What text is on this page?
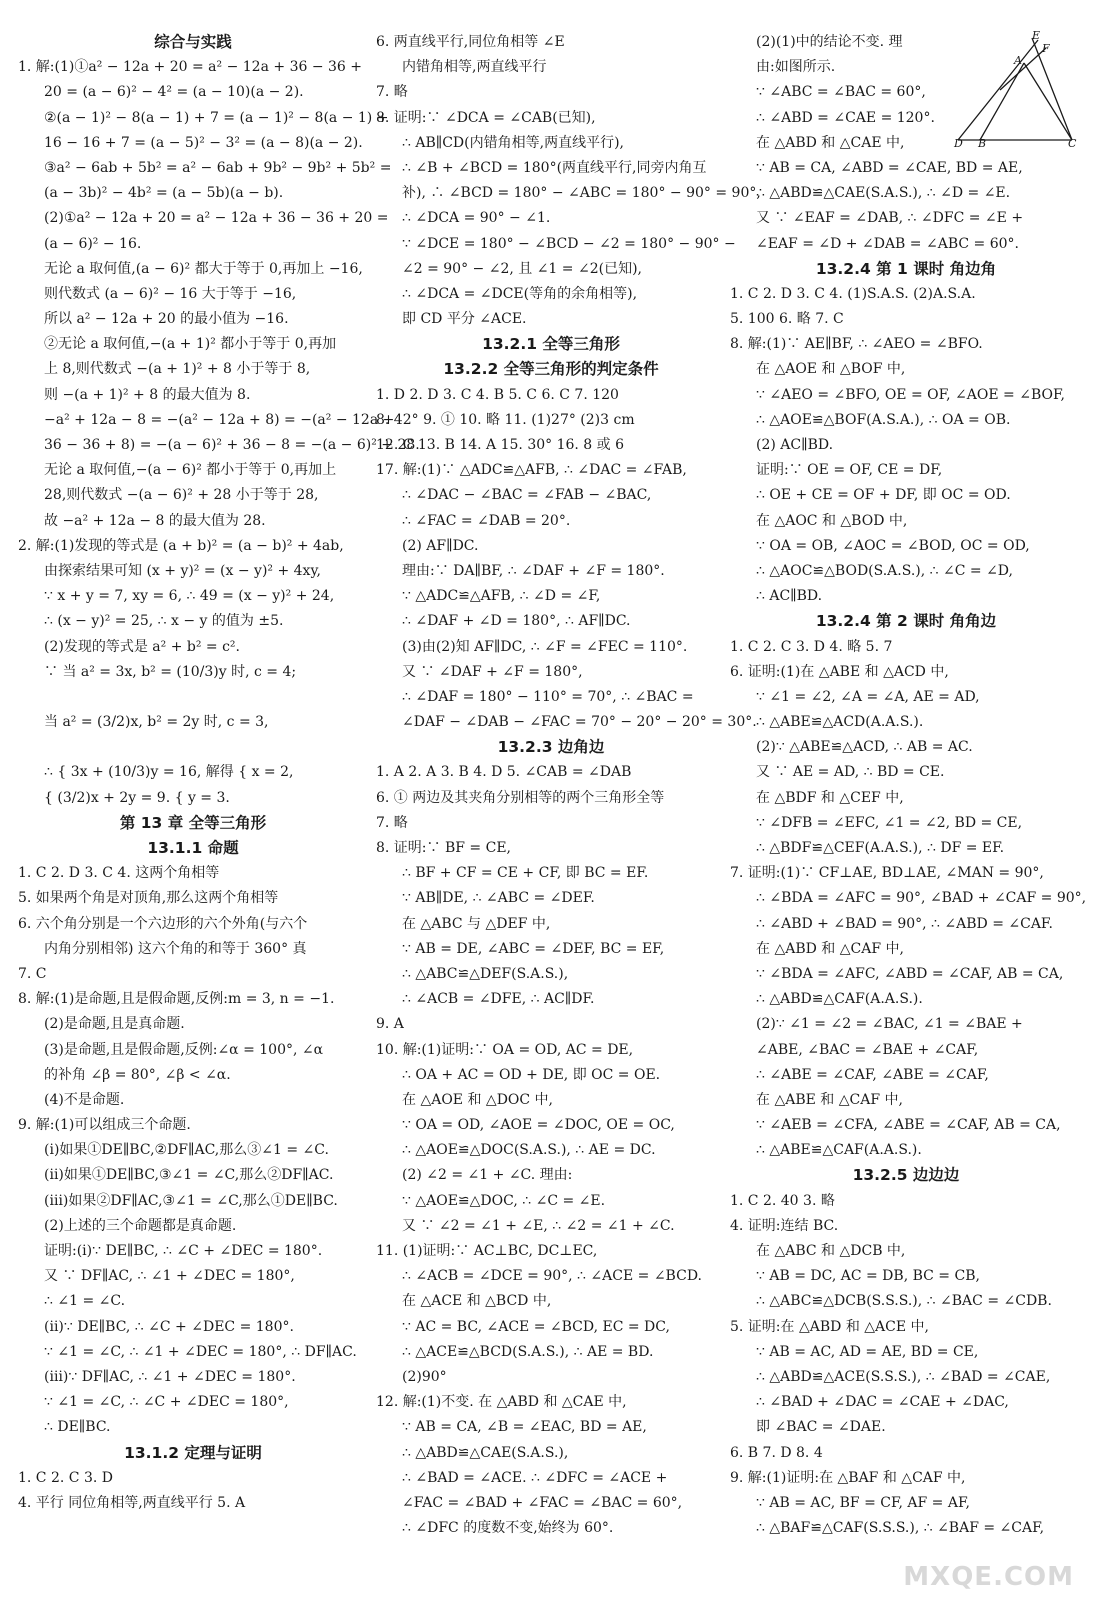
综合与实践
1. 解:(1)①a² − 12a + 20 = a² − 12a + 36 − 36 +
20 = (a − 6)² − 4² = (a − 10)(a − 2).
②(a − 1)² − 8(a − 1) + 7 = (a − 1)² − 8(a − 1) +
16 − 16 + 7 = (a − 5)² − 3² = (a − 8)(a − 2).
③a² − 6ab + 5b² = a² − 6ab + 9b² − 9b² + 5b² =
(a − 3b)² − 4b² = (a − 5b)(a − b).
(2)①a² − 12a + 20 = a² − 12a + 36 − 36 + 20 =
(a − 6)² − 16.
无论 a 取何值,(a − 6)² 都大于等于 0,再加上 −16,
则代数式 (a − 6)² − 16 大于等于 −16,
所以 a² − 12a + 20 的最小值为 −16.
②无论 a 取何值,−(a + 1)² 都小于等于 0,再加
上 8,则代数式 −(a + 1)² + 8 小于等于 8,
则 −(a + 1)² + 8 的最大值为 8.
−a² + 12a − 8 = −(a² − 12a + 8) = −(a² − 12a +
36 − 36 + 8) = −(a − 6)² + 36 − 8 = −(a − 6)² + 28.
无论 a 取何值,−(a − 6)² 都小于等于 0,再加上
28,则代数式 −(a − 6)² + 28 小于等于 28,
故 −a² + 12a − 8 的最大值为 28.
2. 解:(1)发现的等式是 (a + b)² = (a − b)² + 4ab,
由探索结果可知 (x + y)² = (x − y)² + 4xy,
∵ x + y = 7, xy = 6, ∴ 49 = (x − y)² + 24,
∴ (x − y)² = 25, ∴ x − y 的值为 ±5.
(2)发现的等式是 a² + b² = c².
∵ 当 a² = 3x, b² = (10/3)y 时, c = 4;
当 a² = (3/2)x, b² = 2y 时, c = 3,
∴ { 3x + (10/3)y = 16, 解得 { x = 2,
{ (3/2)x + 2y = 9. { y = 3.
第 13 章 全等三角形
13.1.1 命题
1. C 2. D 3. C 4. 这两个角相等
5. 如果两个角是对顶角,那么这两个角相等
6. 六个角分别是一个六边形的六个外角(与六个
内角分别相邻) 这六个角的和等于 360° 真
7. C
8. 解:(1)是命题,且是假命题,反例:m = 3, n = −1.
(2)是命题,且是真命题.
(3)是命题,且是假命题,反例:∠α = 100°, ∠α
的补角 ∠β = 80°, ∠β < ∠α.
(4)不是命题.
9. 解:(1)可以组成三个命题.
(ⅰ)如果①DE∥BC,②DF∥AC,那么③∠1 = ∠C.
(ⅱ)如果①DE∥BC,③∠1 = ∠C,那么②DF∥AC.
(ⅲ)如果②DF∥AC,③∠1 = ∠C,那么①DE∥BC.
(2)上述的三个命题都是真命题.
证明:(ⅰ)∵ DE∥BC, ∴ ∠C + ∠DEC = 180°.
又 ∵ DF∥AC, ∴ ∠1 + ∠DEC = 180°,
∴ ∠1 = ∠C.
(ⅱ)∵ DE∥BC, ∴ ∠C + ∠DEC = 180°.
∵ ∠1 = ∠C, ∴ ∠1 + ∠DEC = 180°, ∴ DF∥AC.
(ⅲ)∵ DF∥AC, ∴ ∠1 + ∠DEC = 180°.
∵ ∠1 = ∠C, ∴ ∠C + ∠DEC = 180°,
∴ DE∥BC.
13.1.2 定理与证明
1. C 2. C 3. D
4. 平行 同位角相等,两直线平行 5. A
6. 两直线平行,同位角相等 ∠E
内错角相等,两直线平行
7. 略
8. 证明:∵ ∠DCA = ∠CAB(已知),
∴ AB∥CD(内错角相等,两直线平行),
∴ ∠B + ∠BCD = 180°(两直线平行,同旁内角互
补), ∴ ∠BCD = 180° − ∠ABC = 180° − 90° = 90°,
∴ ∠DCA = 90° − ∠1.
∵ ∠DCE = 180° − ∠BCD − ∠2 = 180° − 90° −
∠2 = 90° − ∠2, 且 ∠1 = ∠2(已知),
∴ ∠DCA = ∠DCE(等角的余角相等),
即 CD 平分 ∠ACE.
13.2.1 全等三角形
13.2.2 全等三角形的判定条件
1. D 2. D 3. C 4. B 5. C 6. C 7. 120
8. 42° 9. ① 10. 略 11. (1)27° (2)3 cm
12. C 13. B 14. A 15. 30° 16. 8 或 6
17. 解:(1)∵ △ADC≌△AFB, ∴ ∠DAC = ∠FAB,
∴ ∠DAC − ∠BAC = ∠FAB − ∠BAC,
∴ ∠FAC = ∠DAB = 20°.
(2) AF∥DC.
理由:∵ DA∥BF, ∴ ∠DAF + ∠F = 180°.
∵ △ADC≌△AFB, ∴ ∠D = ∠F,
∴ ∠DAF + ∠D = 180°, ∴ AF∥DC.
(3)由(2)知 AF∥DC, ∴ ∠F = ∠FEC = 110°.
又 ∵ ∠DAF + ∠F = 180°,
∴ ∠DAF = 180° − 110° = 70°, ∴ ∠BAC =
∠DAF − ∠DAB − ∠FAC = 70° − 20° − 20° = 30°.
13.2.3 边角边
1. A 2. A 3. B 4. D 5. ∠CAB = ∠DAB
6. ① 两边及其夹角分别相等的两个三角形全等
7. 略
8. 证明:∵ BF = CE,
∴ BF + CF = CE + CF, 即 BC = EF.
∵ AB∥DE, ∴ ∠ABC = ∠DEF.
在 △ABC 与 △DEF 中,
∵ AB = DE, ∠ABC = ∠DEF, BC = EF,
∴ △ABC≌△DEF(S.A.S.),
∴ ∠ACB = ∠DFE, ∴ AC∥DF.
9. A
10. 解:(1)证明:∵ OA = OD, AC = DE,
∴ OA + AC = OD + DE, 即 OC = OE.
在 △AOE 和 △DOC 中,
∵ OA = OD, ∠AOE = ∠DOC, OE = OC,
∴ △AOE≌△DOC(S.A.S.), ∴ AE = DC.
(2) ∠2 = ∠1 + ∠C. 理由:
∵ △AOE≌△DOC, ∴ ∠C = ∠E.
又 ∵ ∠2 = ∠1 + ∠E, ∴ ∠2 = ∠1 + ∠C.
11. (1)证明:∵ AC⊥BC, DC⊥EC,
∴ ∠ACB = ∠DCE = 90°, ∴ ∠ACE = ∠BCD.
在 △ACE 和 △BCD 中,
∵ AC = BC, ∠ACE = ∠BCD, EC = DC,
∴ △ACE≌△BCD(S.A.S.), ∴ AE = BD.
(2)90°
12. 解:(1)不变. 在 △ABD 和 △CAE 中,
∵ AB = CA, ∠B = ∠EAC, BD = AE,
∴ △ABD≌△CAE(S.A.S.),
∴ ∠BAD = ∠ACE. ∴ ∠DFC = ∠ACE +
∠FAC = ∠BAD + ∠FAC = ∠BAC = 60°,
∴ ∠DFC 的度数不变,始终为 60°.
(2)(1)中的结论不变. 理
由:如图所示.
∵ ∠ABC = ∠BAC = 60°,
∴ ∠ABD = ∠CAE = 120°.
在 △ABD 和 △CAE 中,
∵ AB = CA, ∠ABD = ∠CAE, BD = AE,
∴ △ABD≌△CAE(S.A.S.), ∴ ∠D = ∠E.
又 ∵ ∠EAF = ∠DAB, ∴ ∠DFC = ∠E +
∠EAF = ∠D + ∠DAB = ∠ABC = 60°.
13.2.4 第 1 课时 角边角
1. C 2. D 3. C 4. (1)S.A.S. (2)A.S.A.
5. 100 6. 略 7. C
8. 解:(1)∵ AE∥BF, ∴ ∠AEO = ∠BFO.
在 △AOE 和 △BOF 中,
∵ ∠AEO = ∠BFO, OE = OF, ∠AOE = ∠BOF,
∴ △AOE≌△BOF(A.S.A.), ∴ OA = OB.
(2) AC∥BD.
证明:∵ OE = OF, CE = DF,
∴ OE + CE = OF + DF, 即 OC = OD.
在 △AOC 和 △BOD 中,
∵ OA = OB, ∠AOC = ∠BOD, OC = OD,
∴ △AOC≌△BOD(S.A.S.), ∴ ∠C = ∠D,
∴ AC∥BD.
13.2.4 第 2 课时 角角边
1. C 2. C 3. D 4. 略 5. 7
6. 证明:(1)在 △ABE 和 △ACD 中,
∵ ∠1 = ∠2, ∠A = ∠A, AE = AD,
∴ △ABE≌△ACD(A.A.S.).
(2)∵ △ABE≌△ACD, ∴ AB = AC.
又 ∵ AE = AD, ∴ BD = CE.
在 △BDF 和 △CEF 中,
∵ ∠DFB = ∠EFC, ∠1 = ∠2, BD = CE,
∴ △BDF≌△CEF(A.A.S.), ∴ DF = EF.
7. 证明:(1)∵ CF⊥AE, BD⊥AE, ∠MAN = 90°,
∴ ∠BDA = ∠AFC = 90°, ∠BAD + ∠CAF = 90°,
∴ ∠ABD + ∠BAD = 90°, ∴ ∠ABD = ∠CAF.
在 △ABD 和 △CAF 中,
∵ ∠BDA = ∠AFC, ∠ABD = ∠CAF, AB = CA,
∴ △ABD≌△CAF(A.A.S.).
(2)∵ ∠1 = ∠2 = ∠BAC, ∠1 = ∠BAE +
∠ABE, ∠BAC = ∠BAE + ∠CAF,
∴ ∠ABE = ∠CAF, ∠ABE = ∠CAF,
在 △ABE 和 △CAF 中,
∵ ∠AEB = ∠CFA, ∠ABE = ∠CAF, AB = CA,
∴ △ABE≌△CAF(A.A.S.).
13.2.5 边边边
1. C 2. 40 3. 略
4. 证明:连结 BC.
在 △ABC 和 △DCB 中,
∵ AB = DC, AC = DB, BC = CB,
∴ △ABC≌△DCB(S.S.S.), ∴ ∠BAC = ∠CDB.
5. 证明:在 △ABD 和 △ACE 中,
∵ AB = AC, AD = AE, BD = CE,
∴ △ABD≌△ACE(S.S.S.), ∴ ∠BAD = ∠CAE,
∴ ∠BAD + ∠DAC = ∠CAE + ∠DAC,
即 ∠BAC = ∠DAE.
6. B 7. D 8. 4
9. 解:(1)证明:在 △BAF 和 △CAF 中,
∵ AB = AC, BF = CF, AF = AF,
∴ △BAF≌△CAF(S.S.S.), ∴ ∠BAF = ∠CAF,
E
F
A
D B	C
MXQE.COM
